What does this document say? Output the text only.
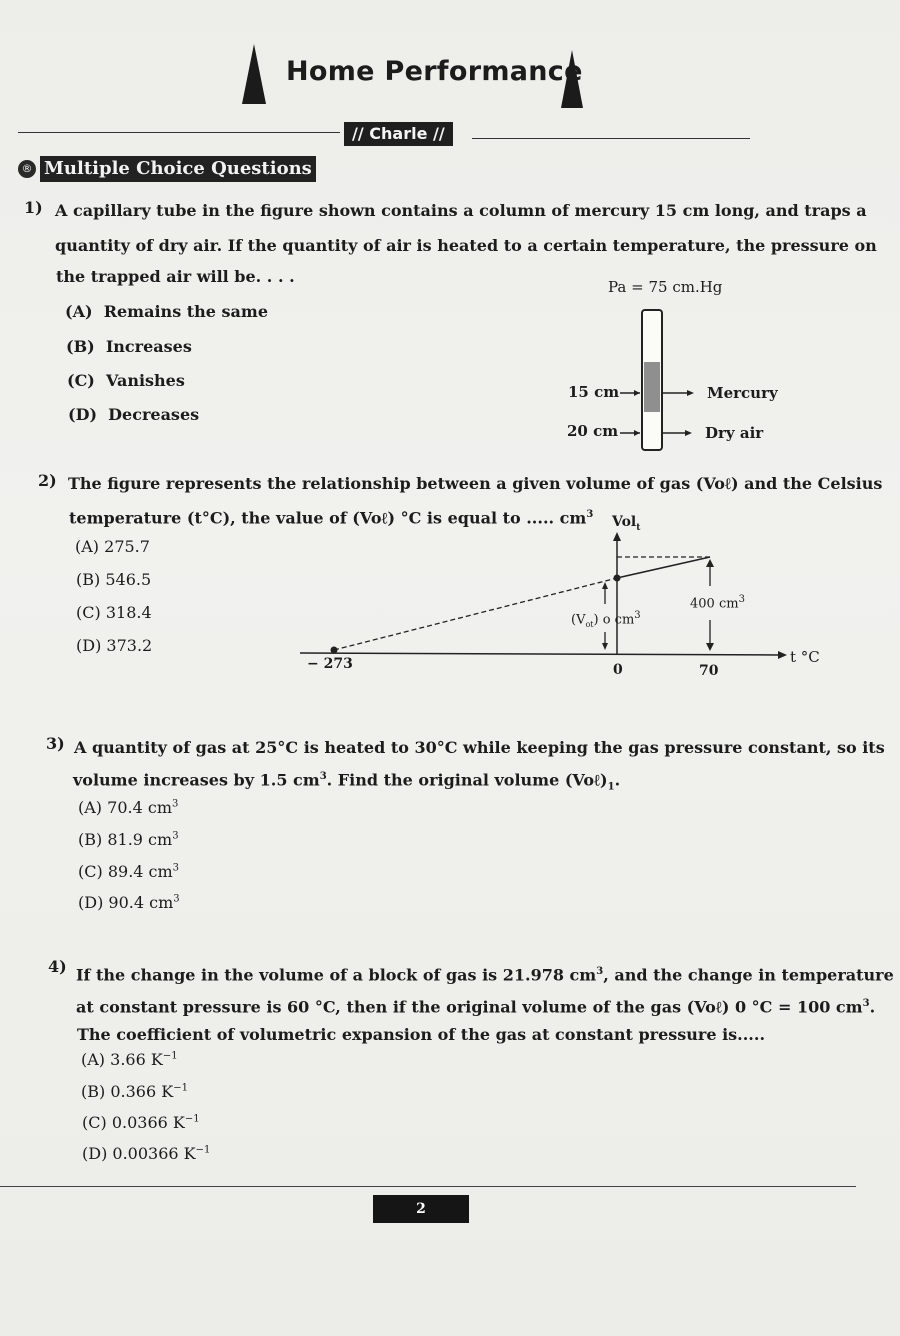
Home Performance
// Charle //
® Multiple Choice Questions
1) A capillary tube in the figure shown contains a column of mercury 15 cm long, and traps a
quantity of dry air. If the quantity of air is heated to a certain temperature, the pressure on
the trapped air will be. . . .
(A) Remains the same
(B) Increases
(C) Vanishes
(D) Decreases
Pa = 75 cm.Hg
15 cm
20 cm
Mercury
Dry air
2) The figure represents the relationship between a given volume of gas (Voℓ) and the Celsius
temperature (t°C), the value of (Voℓ) °C is equal to ..... $cm^3$
(A) 275.7
(B) 546.5
(C) 318.4
(D) 373.2
Vol$_t$
t °C
− 273	0	70
400 $cm^3$
$(V_{ot})$ o $cm^3$
3) A quantity of gas at 25°C is heated to 30°C while keeping the gas pressure constant, so its
volume increases by 1.5 $cm^3$. Find the original volume $(Vo\ell)_1$.
(A) 70.4 $cm^3$
(B) 81.9 $cm^3$
(C) 89.4 $cm^3$
(D) 90.4 $cm^3$
4) If the change in the volume of a block of gas is 21.978 $cm^3$, and the change in temperature
at constant pressure is 60 °C, then if the original volume of the gas (Voℓ) 0 °C = 100 $cm^3$.
The coefficient of volumetric expansion of the gas at constant pressure is.....
(A) 3.66 $K^{-1}$
(B) 0.366 $K^{-1}$
(C) 0.0366 $K^{-1}$
(D) 0.00366 $K^{-1}$
2
